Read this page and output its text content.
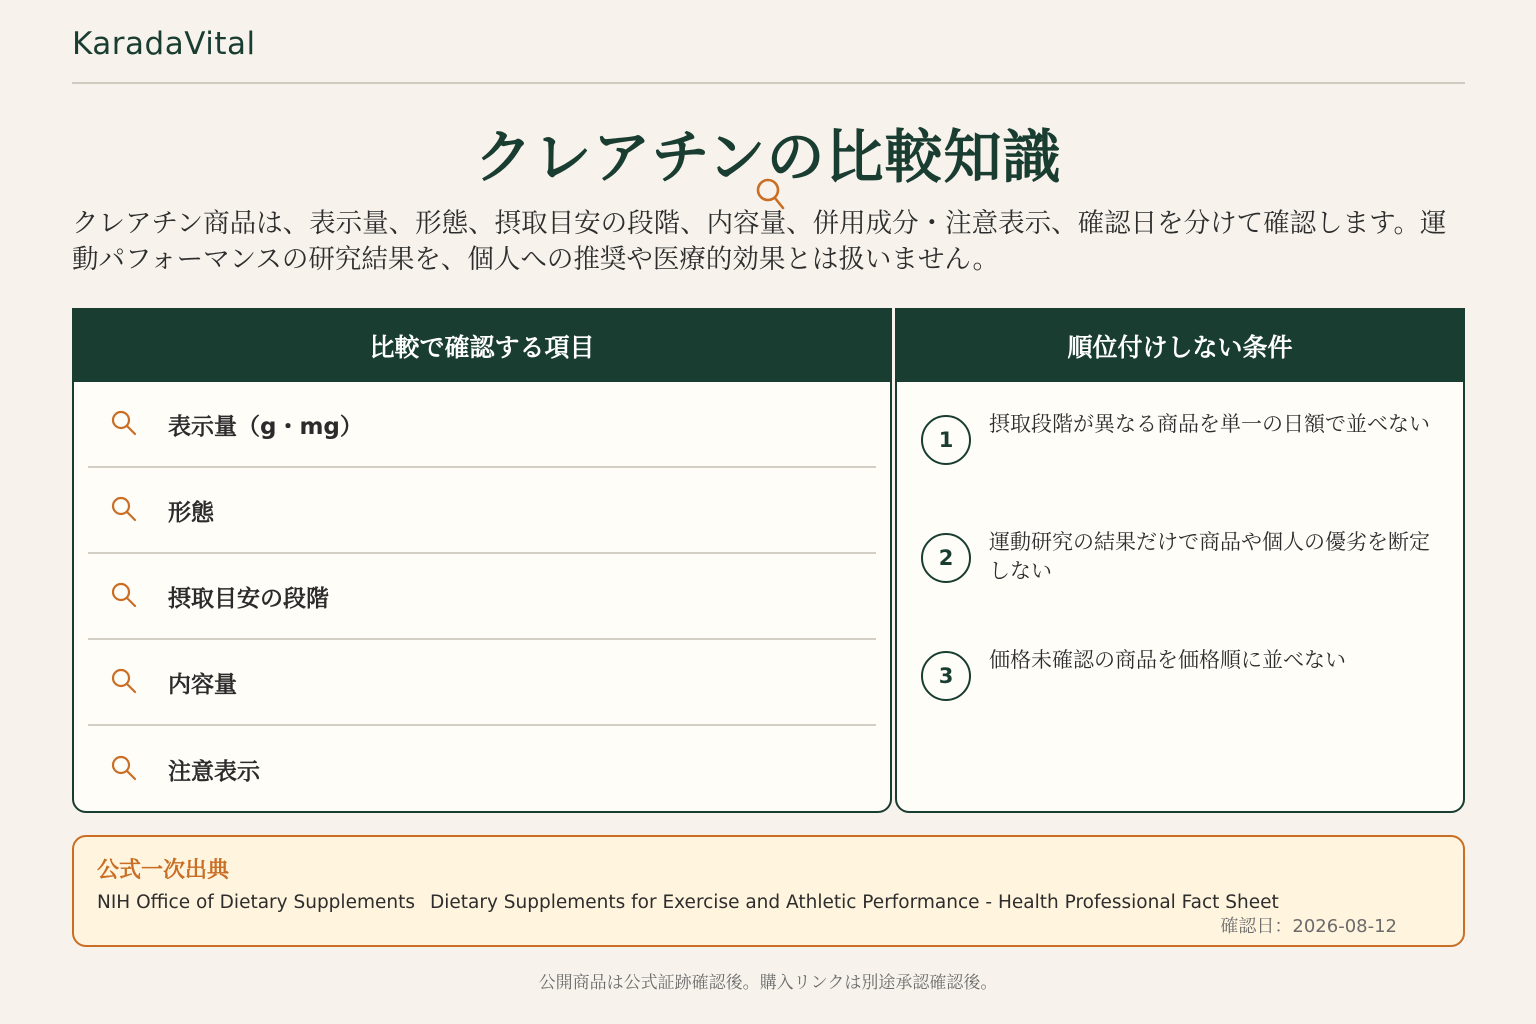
KaradaVital
クレアチンの比較知識

クレアチン商品は、表示量、形態、摂取目安の段階、内容量、併用成分・注意表示、確認日を分けて確認します。運動パフォーマンスの研究結果を、個人への推奨や医療的効果とは扱いません。

比較で確認する項目
表示量（g・mg）
形態
摂取目安の段階
内容量
注意表示
順位付けしない条件
1
摂取段階が異なる商品を単一の日額で並べない
2
運動研究の結果だけで商品や個人の優劣を断定しない
3
価格未確認の商品を価格順に並べない
公式一次出典
NIH Office of Dietary Supplements Dietary Supplements for Exercise and Athletic Performance - Health Professional Fact Sheet
確認日：2026-08-12
公開商品は公式証跡確認後。購入リンクは別途承認確認後。
